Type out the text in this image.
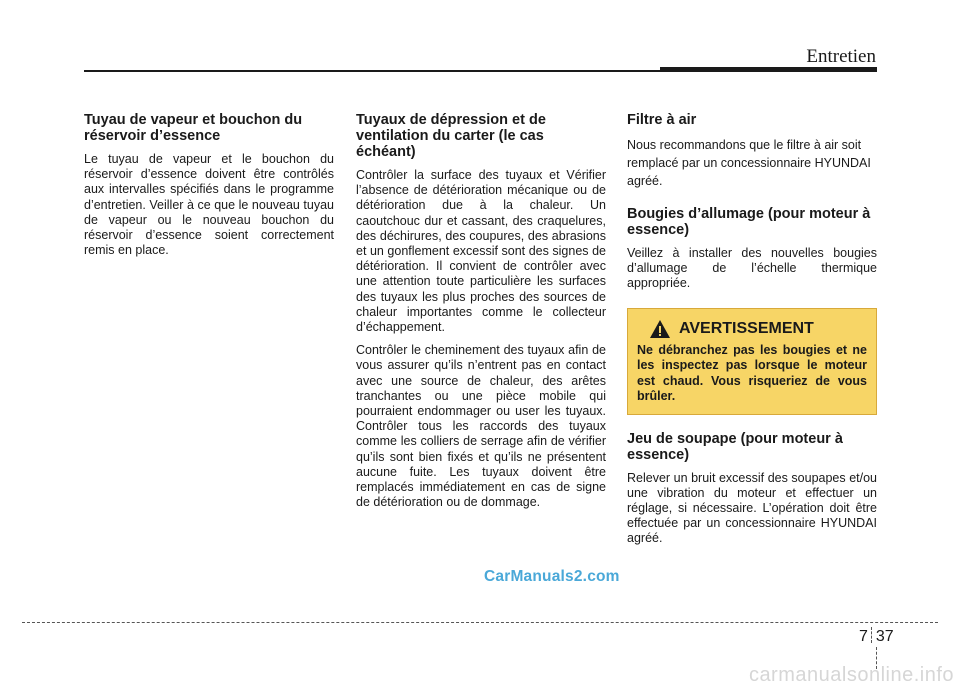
Entretien
Tuyau de vapeur et bouchon du réservoir d’essence

Le tuyau de vapeur et le bouchon du réservoir d’essence doivent être contrôlés aux intervalles spécifiés dans le programme d’entretien. Veiller à ce que le nouveau tuyau de vapeur ou le nouveau bouchon du réservoir d’essence soient correctement remis en place.

Tuyaux de dépression et de ventilation du carter (le cas échéant)

Contrôler la surface des tuyaux et Vérifier l’absence de détérioration mécanique ou de détérioration due à la chaleur. Un caoutchouc dur et cassant, des craquelures, des déchirures, des coupures, des abrasions et un gonflement excessif sont des signes de détérioration. Il convient de contrôler avec une attention toute particulière les surfaces des tuyaux les plus proches des sources de chaleur importantes comme le collecteur d’échappement.

Contrôler le cheminement des tuyaux afin de vous assurer qu’ils n’entrent pas en contact avec une source de chaleur, des arêtes tranchantes ou une pièce mobile qui pourraient endommager ou user les tuyaux. Contrôler tous les raccords des tuyaux comme les colliers de serrage afin de vérifier qu’ils sont bien fixés et qu’ils ne présentent aucune fuite. Les tuyaux doivent être remplacés immédiatement en cas de signe de détérioration ou de dommage.

Filtre à air

Nous recommandons que le filtre à air soit remplacé par un concessionnaire HYUNDAI agréé.

Bougies d’allumage (pour moteur à essence)

Veillez à installer des nouvelles bougies d’allumage de l’échelle thermique appropriée.

AVERTISSEMENT

Ne débranchez pas les bougies et ne les inspectez pas lorsque le moteur est chaud. Vous risqueriez de vous brûler.

Jeu de soupape (pour moteur à essence)

Relever un bruit excessif des soupapes et/ou une vibration du moteur et effectuer un réglage, si nécessaire. L’opération doit être effectuée par un concessionnaire HYUNDAI agréé.

CarManuals2.com
7 37
carmanualsonline.info
